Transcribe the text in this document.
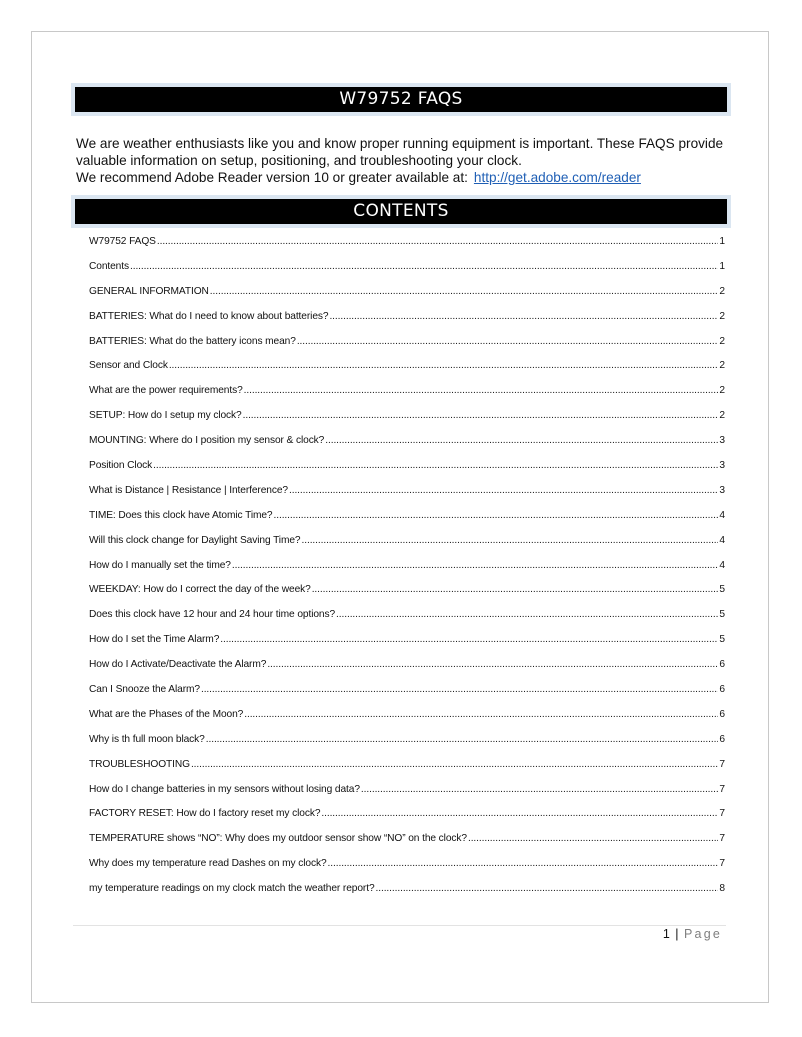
W79752 FAQS

We are weather enthusiasts like you and know proper running equipment is important. These FAQS provide valuable information on setup, positioning, and troubleshooting your clock.

We recommend Adobe Reader version 10 or greater available at: http://get.adobe.com/reader

CONTENTS
W79752 FAQS .....	1
Contents .....	1
GENERAL INFORMATION .....	2
BATTERIES: What do I need to know about batteries? .....	2
BATTERIES: What do the battery icons mean? .....	2
Sensor and Clock .....	2
What are the power requirements? .....	2
SETUP: How do I setup my clock? .....	2
MOUNTING: Where do I position my sensor & clock? .....	3
Position Clock .....	3
What is Distance | Resistance | Interference? .....	3
TIME: Does this clock have Atomic Time? .....	4
Will this clock change for Daylight Saving Time? .....	4
How do I manually set the time? .....	4
WEEKDAY: How do I correct the day of the week? .....	5
Does this clock have 12 hour and 24 hour time options? .....	5
How do I set the Time Alarm? .....	5
How do I Activate/Deactivate the Alarm? .....	6
Can I Snooze the Alarm? .....	6
What are the Phases of the Moon? .....	6
Why is th full moon black? .....	6
TROUBLESHOOTING .....	7
How do I change batteries in my sensors without losing data? .....	7
FACTORY RESET: How do I factory reset my clock? .....	7
TEMPERATURE shows “NO”: Why does my outdoor sensor show “NO” on the clock? .....	7
Why does my temperature read Dashes on my clock? .....	7
my temperature readings on my clock match the weather report? .....	8
1 | Page
